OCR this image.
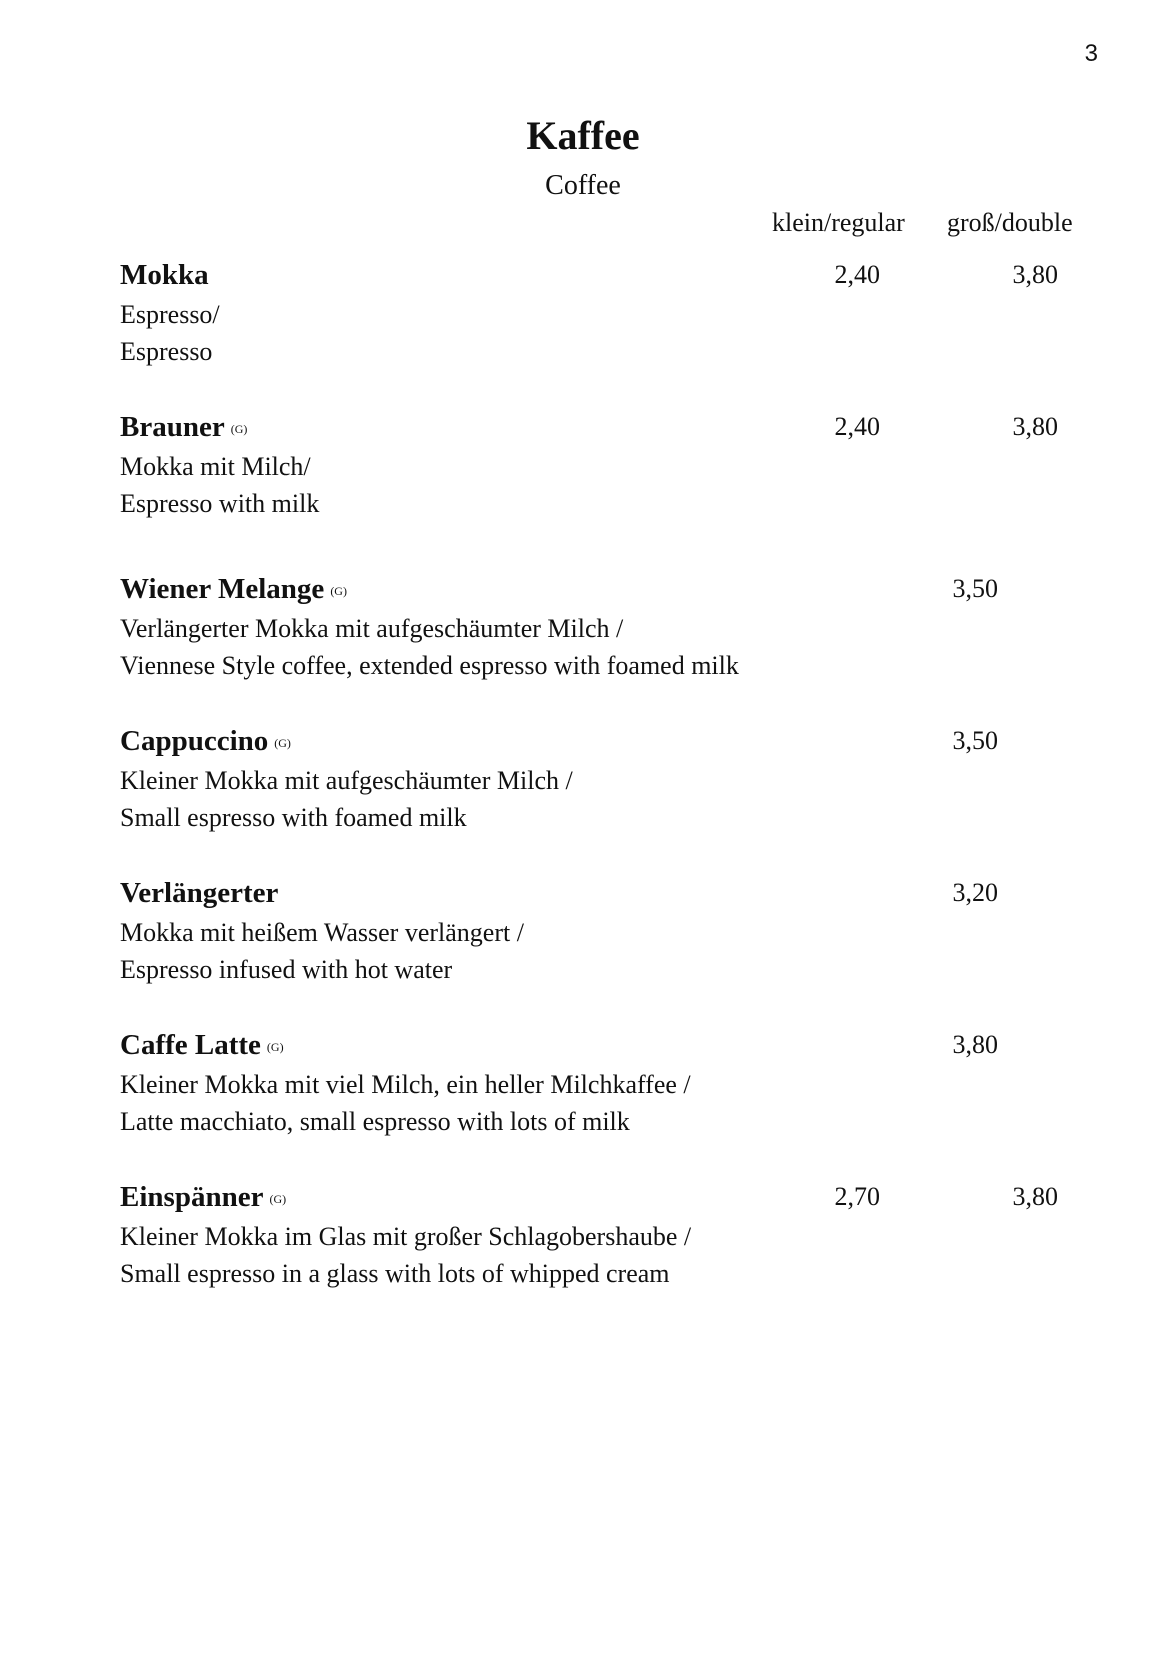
3
Kaffee
Coffee
klein/regular groß/double
Mokka
Espresso/
Espresso
2,40	3,80
Brauner (G)
Mokka mit Milch/
Espresso with milk
2,40	3,80
Wiener Melange (G)
Verlängerter Mokka mit aufgeschäumter Milch /
Viennese Style coffee, extended espresso with foamed milk
3,50
Cappuccino (G)
Kleiner Mokka mit aufgeschäumter Milch /
Small espresso with foamed milk
3,50
Verlängerter
Mokka mit heißem Wasser verlängert /
Espresso infused with hot water
3,20
Caffe Latte (G)
Kleiner Mokka mit viel Milch, ein heller Milchkaffee /
Latte macchiato, small espresso with lots of milk
3,80
Einspänner (G)
Kleiner Mokka im Glas mit großer Schlagobershaube /
Small espresso in a glass with lots of whipped cream
2,70	3,80
